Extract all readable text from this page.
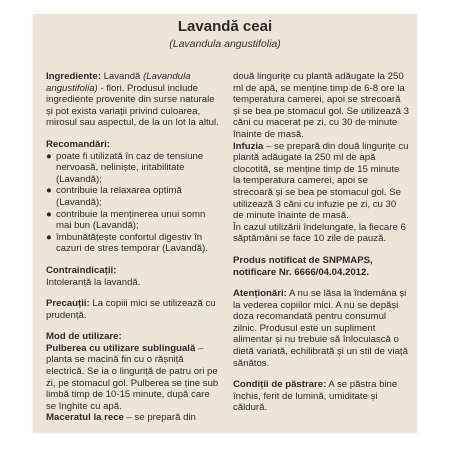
Lavandă ceai
(Lavandula angustifolia)

Ingrediente: Lavandă (Lavandula angustifolia) - flori. Produsul include ingrediente provenite din surse naturale și pot exista variații privind culoarea, mirosul sau aspectul, de la un lot la altul.

Recomandări:
● poate fi utilizată în caz de tensiune nervoasă, neliniște, iritabilitate (Lavandă);
● contribuie la relaxarea optimă (Lavandă);
● contribuie la menținerea unui somn mai bun (Lavandă);
● îmbunătățește confortul digestiv în cazuri de stres temporar (Lavandă).
Contraindicații:
Intoleranță la lavandă.

Precauții: La copiii mici se utilizează cu prudență.

Mod de utilizare:
Pulberea cu utilizare sublinguală – planta se macină fin cu o rășniță electrică. Se ia o linguriță de patru ori pe zi, pe stomacul gol. Pulberea se ține sub limbă timp de 10-15 minute, după care se înghite cu apă.
Maceratul la rece – se prepară din
două lingurițe cu plantă adăugate la 250 ml de apă, se menține timp de 6-8 ore la temperatura camerei, apoi se strecoară și se bea pe stomacul gol. Se utilizează 3 căni cu macerat pe zi, cu 30 de minute înainte de masă.
Infuzia – se prepară din două lingurițe cu plantă adăugate la 250 ml de apă clocotită, se menține timp de 15 minute la temperatura camerei, apoi se strecoară și se bea pe stomacul gol. Se utilizează 3 căni cu infuzie pe zi, cu 30 de minute înainte de masă.
În cazul utilizării îndelungate, la fiecare 6 săptămâni se face 10 zile de pauză.
Produs notificat de SNPMAPS, notificare Nr. 6666/04.04.2012.

Atenționări: A nu se lăsa la îndemâna și la vederea copiilor mici. A nu se depăși doza recomandată pentru consumul zilnic. Produsul este un supliment alimentar și nu trebuie să înlocuiască o dietă variată, echilibrată și un stil de viață sănătos.

Condiții de păstrare: A se păstra bine închis, ferit de lumină, umiditate și căldură.
